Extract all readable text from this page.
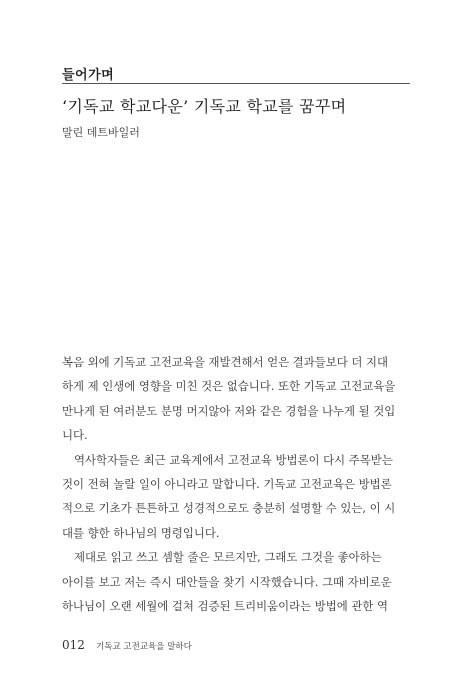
들어가며
‘기독교 학교다운’ 기독교 학교를 꿈꾸며
말린 데트바일러

복음 외에 기독교 고전교육을 재발견해서 얻은 결과들보다 더 지대

하게 제 인생에 영향을 미친 것은 없습니다. 또한 기독교 고전교육을

만나게 된 여러분도 분명 머지않아 저와 같은 경험을 나누게 될 것입

니다.

역사학자들은 최근 교육계에서 고전교육 방법론이 다시 주목받는

것이 전혀 놀랄 일이 아니라고 말합니다. 기독교 고전교육은 방법론

적으로 기초가 튼튼하고 성경적으로도 충분히 설명할 수 있는, 이 시

대를 향한 하나님의 명령입니다.

제대로 읽고 쓰고 셈할 줄은 모르지만, 그래도 그것을 좋아하는

아이를 보고 저는 즉시 대안들을 찾기 시작했습니다. 그때 자비로운

하나님이 오랜 세월에 걸쳐 검증된 트리비움이라는 방법에 관한 역

012 기독교 고전교육을 말하다
